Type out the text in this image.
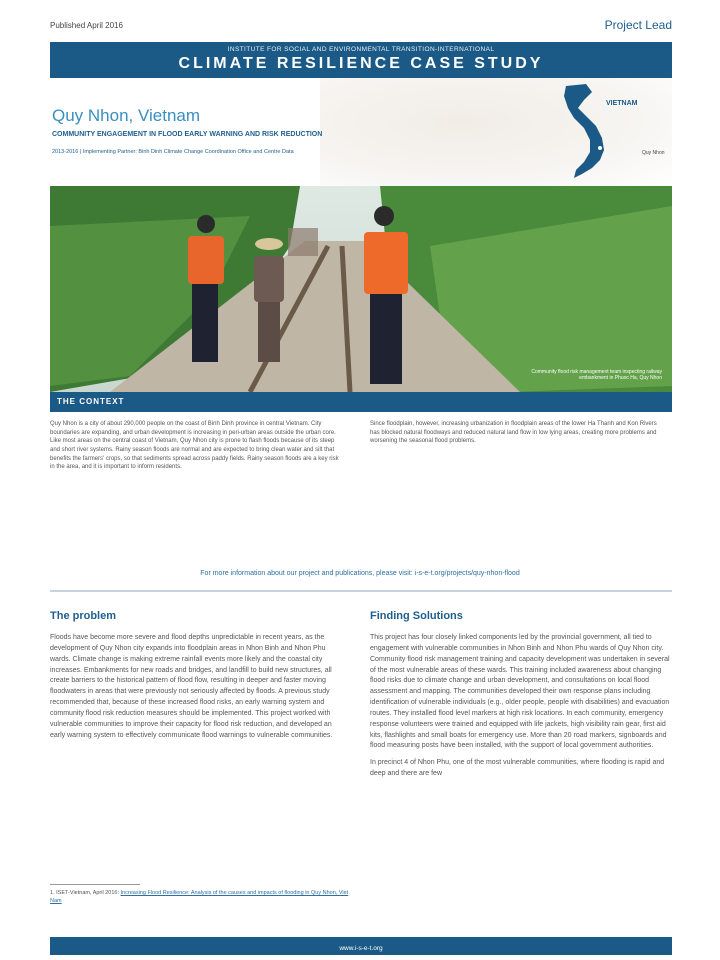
Published April 2016	Project Lead
INSTITUTE FOR SOCIAL AND ENVIRONMENTAL TRANSITION-INTERNATIONAL
CLIMATE RESILIENCE CASE STUDY
VIETNAM
Quy Nhon
Quy Nhon, Vietnam
COMMUNITY ENGAGEMENT IN FLOOD EARLY WARNING AND RISK REDUCTION
2013-2016 | Implementing Partner: Binh Dinh Climate Change Coordination Office and Centre Data
Community flood risk management team inspecting railway embankment in Phuoc Ha, Quy Nhon
THE CONTEXT
Quy Nhon is a city of about 290,000 people on the coast of Binh Dinh province in central Vietnam. City boundaries are expanding, and urban development is increasing in peri-urban areas outside the urban core. Like most areas on the central coast of Vietnam, Quy Nhon city is prone to flash floods because of its steep and short river systems. Rainy season floods are normal and are expected to bring clean water and silt that benefits the farmers' crops, so that sediments spread across paddy fields. Rainy season floods are a key risk in the area, and it is important to inform residents.
Since floodplain, however, increasing urbanization in floodplain areas of the lower Ha Thanh and Kon Rivers has blocked natural floodways and reduced natural land flow in low lying areas, creating more problems and worsening the seasonal flood problems.
For more information about our project and publications, please visit: i-s-e-t.org/projects/quy-nhon-flood
The problem	Finding Solutions
Floods have become more severe and flood depths unpredictable in recent years, as the development of Quy Nhon city expands into floodplain areas in Nhon Binh and Nhon Phu wards. Climate change is making extreme rainfall events more likely and the coastal city increases. Embankments for new roads and bridges, and landfill to build new structures, all create barriers to the historical pattern of flood flow, resulting in deeper and faster moving floodwaters in areas that were previously not seriously affected by floods. A previous study recommended that, because of these increased flood risks, an early warning system and community flood risk reduction measures should be implemented. This project worked with vulnerable communities to improve their capacity for flood risk reduction, and developed an early warning system to effectively communicate flood warnings to vulnerable communities.
This project has four closely linked components led by the provincial government, all tied to engagement with vulnerable communities in Nhon Binh and Nhon Phu wards of Quy Nhon city. Community flood risk management training and capacity development was undertaken in several of the most vulnerable areas of these wards. This training included awareness about changing flood risks due to climate change and urban development, and consultations on local flood assessment and mapping. The communities developed their own response plans including identification of vulnerable individuals (e.g., older people, people with disabilities) and evacuation routes. They installed flood level markers at high risk locations. In each community, emergency response volunteers were trained and equipped with life jackets, high visibility rain gear, first aid kits, flashlights and small boats for emergency use. More than 20 road markers, signboards and flood measuring posts have been installed, with the support of local government authorities.
In precinct 4 of Nhon Phu, one of the most vulnerable communities, where flooding is rapid and deep and there are few
1. ISET-Vietnam, April 2016: Increasing Flood Resilience: Analysis of the causes and impacts of flooding in Quy Nhon, Viet Nam
www.i-s-e-t.org
